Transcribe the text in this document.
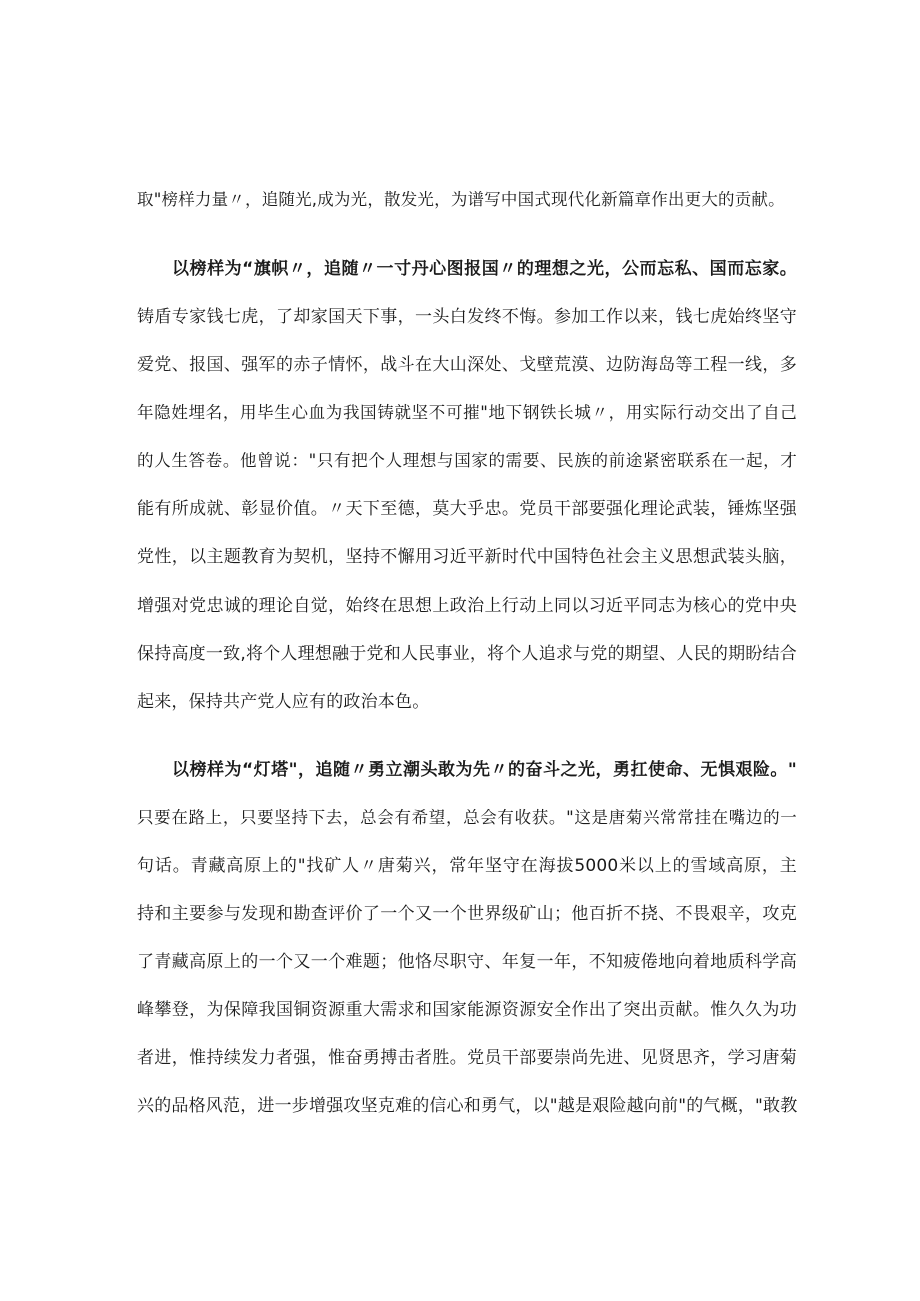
取"榜样力量〃，追随光,成为光，散发光，为谱写中国式现代化新篇章作出更大的贡献。
以榜样为“旗帜〃，追随〃一寸丹心图报国〃的理想之光，公而忘私、国而忘家。
铸盾专家钱七虎，了却家国天下事，一头白发终不悔。参加工作以来，钱七虎始终坚守
爱党、报国、强军的赤子情怀，战斗在大山深处、戈壁荒漠、边防海岛等工程一线，多
年隐姓埋名，用毕生心血为我国铸就坚不可摧"地下钢铁长城〃，用实际行动交出了自己
的人生答卷。他曾说："只有把个人理想与国家的需要、民族的前途紧密联系在一起，才
能有所成就、彰显价值。〃天下至德，莫大乎忠。党员干部要强化理论武装，锤炼坚强
党性，以主题教育为契机，坚持不懈用习近平新时代中国特色社会主义思想武装头脑，
增强对党忠诚的理论自觉，始终在思想上政治上行动上同以习近平同志为核心的党中央
保持高度一致,将个人理想融于党和人民事业，将个人追求与党的期望、人民的期盼结合
起来，保持共产党人应有的政治本色。
以榜样为“灯塔"，追随〃勇立潮头敢为先〃的奋斗之光，勇扛使命、无惧艰险。"
只要在路上，只要坚持下去，总会有希望，总会有收获。"这是唐菊兴常常挂在嘴边的一
句话。青藏高原上的"找矿人〃唐菊兴，常年坚守在海拔5000米以上的雪域高原，主
持和主要参与发现和勘查评价了一个又一个世界级矿山；他百折不挠、不畏艰辛，攻克
了青藏高原上的一个又一个难题；他恪尽职守、年复一年，不知疲倦地向着地质科学高
峰攀登，为保障我国铜资源重大需求和国家能源资源安全作出了突出贡献。惟久久为功
者进，惟持续发力者强，惟奋勇搏击者胜。党员干部要崇尚先进、见贤思齐，学习唐菊
兴的品格风范，进一步增强攻坚克难的信心和勇气，以"越是艰险越向前"的气概，"敢教
